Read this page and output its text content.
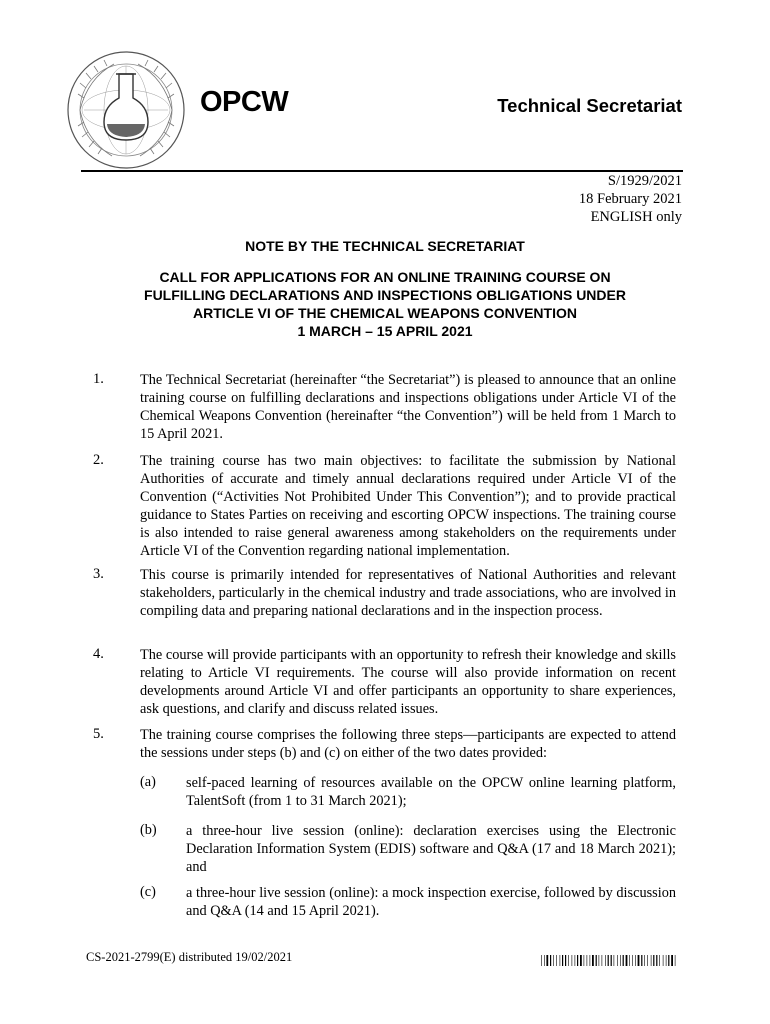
OPCW	Technical Secretariat
S/1929/2021
18 February 2021
ENGLISH only
NOTE BY THE TECHNICAL SECRETARIAT
CALL FOR APPLICATIONS FOR AN ONLINE TRAINING COURSE ON
FULFILLING DECLARATIONS AND INSPECTIONS OBLIGATIONS UNDER
ARTICLE VI OF THE CHEMICAL WEAPONS CONVENTION
1 MARCH – 15 APRIL 2021
1.	The Technical Secretariat (hereinafter “the Secretariat”) is pleased to announce that an online training course on fulfilling declarations and inspections obligations under Article VI of the Chemical Weapons Convention (hereinafter “the Convention”) will be held from 1 March to 15 April 2021.
2.	The training course has two main objectives: to facilitate the submission by National Authorities of accurate and timely annual declarations required under Article VI of the Convention (“Activities Not Prohibited Under This Convention”); and to provide practical guidance to States Parties on receiving and escorting OPCW inspections. The training course is also intended to raise general awareness among stakeholders on the requirements under Article VI of the Convention regarding national implementation.
3.	This course is primarily intended for representatives of National Authorities and relevant stakeholders, particularly in the chemical industry and trade associations, who are involved in compiling data and preparing national declarations and in the inspection process.
4.	The course will provide participants with an opportunity to refresh their knowledge and skills relating to Article VI requirements. The course will also provide information on recent developments around Article VI and offer participants an opportunity to share experiences, ask questions, and clarify and discuss related issues.
5.	The training course comprises the following three steps—participants are expected to attend the sessions under steps (b) and (c) on either of the two dates provided:
(a) self-paced learning of resources available on the OPCW online learning platform, TalentSoft (from 1 to 31 March 2021);
(b) a three-hour live session (online): declaration exercises using the Electronic Declaration Information System (EDIS) software and Q&A (17 and 18 March 2021); and
(c) a three-hour live session (online): a mock inspection exercise, followed by discussion and Q&A (14 and 15 April 2021).
CS-2021-2799(E) distributed 19/02/2021
